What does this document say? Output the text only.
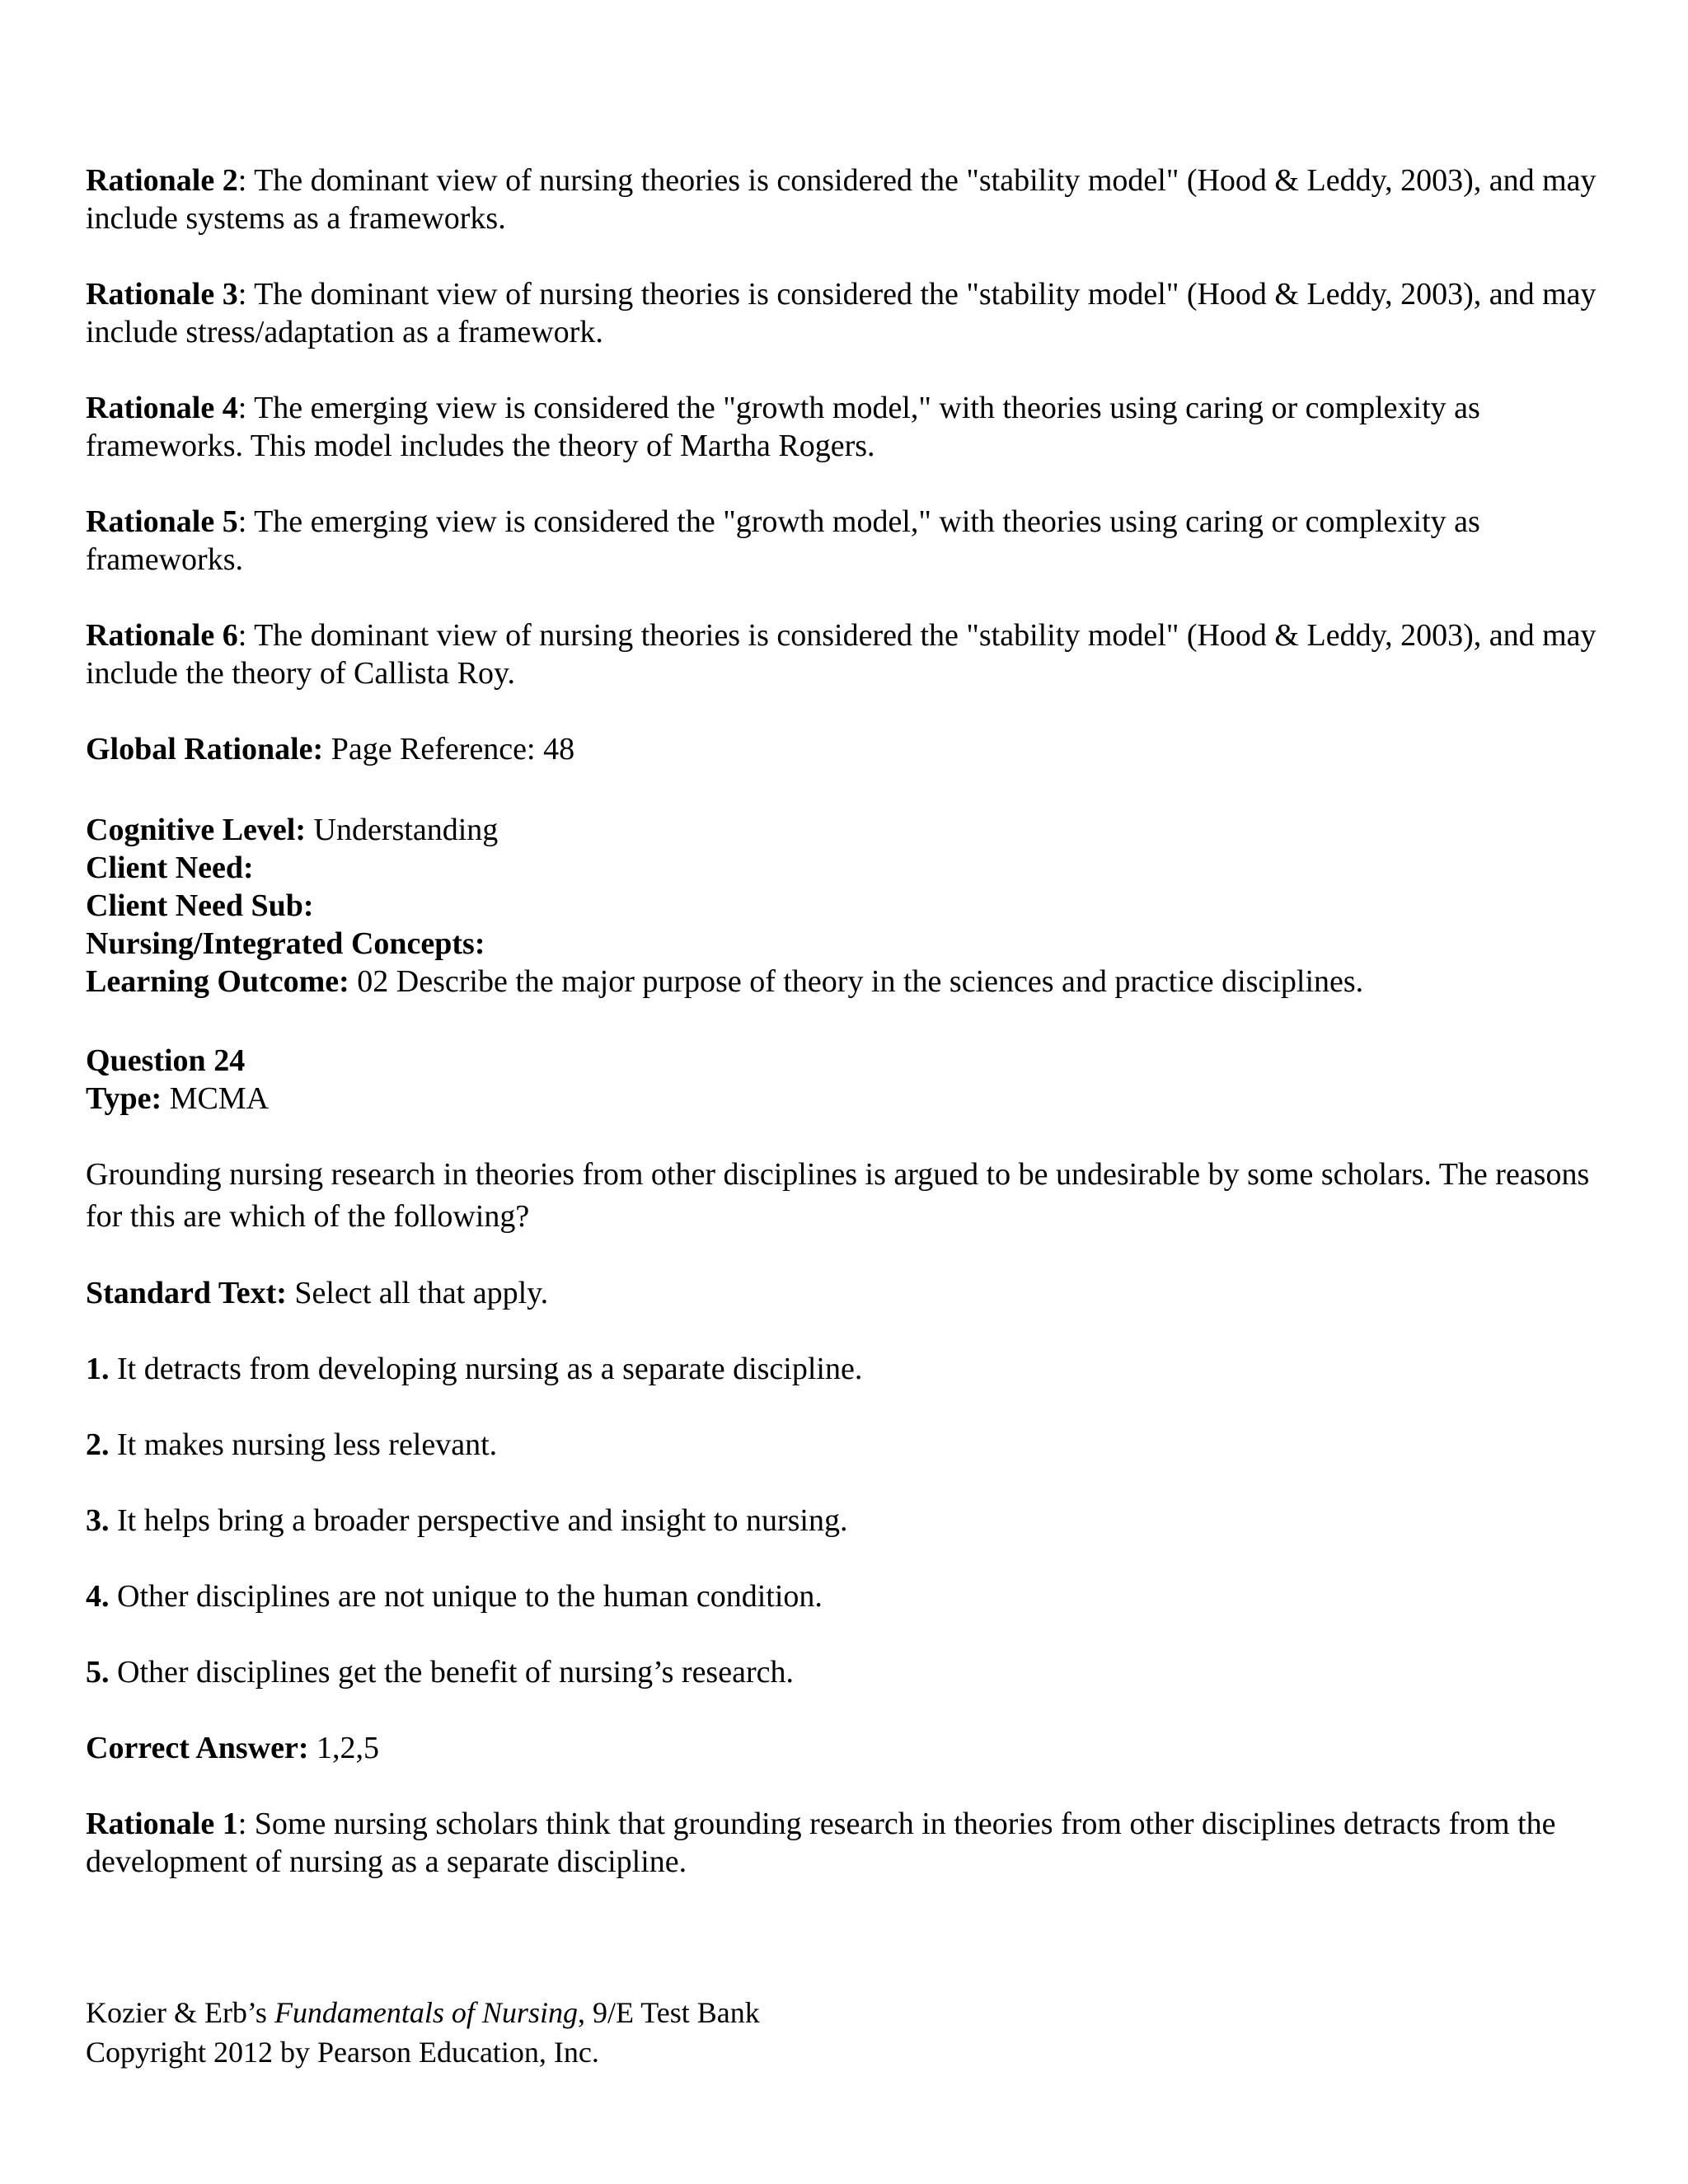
Rationale 2: The dominant view of nursing theories is considered the "stability model" (Hood & Leddy, 2003), and may include systems as a frameworks.

Rationale 3: The dominant view of nursing theories is considered the "stability model" (Hood & Leddy, 2003), and may include stress/adaptation as a framework.

Rationale 4: The emerging view is considered the "growth model," with theories using caring or complexity as frameworks. This model includes the theory of Martha Rogers.

Rationale 5: The emerging view is considered the "growth model," with theories using caring or complexity as frameworks.

Rationale 6: The dominant view of nursing theories is considered the "stability model" (Hood & Leddy, 2003), and may include the theory of Callista Roy.

Global Rationale: Page Reference: 48

Cognitive Level: Understanding

Client Need:

Client Need Sub:

Nursing/Integrated Concepts:

Learning Outcome: 02 Describe the major purpose of theory in the sciences and practice disciplines.

Question 24

Type: MCMA

Grounding nursing research in theories from other disciplines is argued to be undesirable by some scholars. The reasons for this are which of the following?

Standard Text: Select all that apply.

1. It detracts from developing nursing as a separate discipline.

2. It makes nursing less relevant.

3. It helps bring a broader perspective and insight to nursing.

4. Other disciplines are not unique to the human condition.

5. Other disciplines get the benefit of nursing’s research.

Correct Answer: 1,2,5

Rationale 1: Some nursing scholars think that grounding research in theories from other disciplines detracts from the development of nursing as a separate discipline.

Kozier & Erb’s Fundamentals of Nursing, 9/E Test Bank
Copyright 2012 by Pearson Education, Inc.
